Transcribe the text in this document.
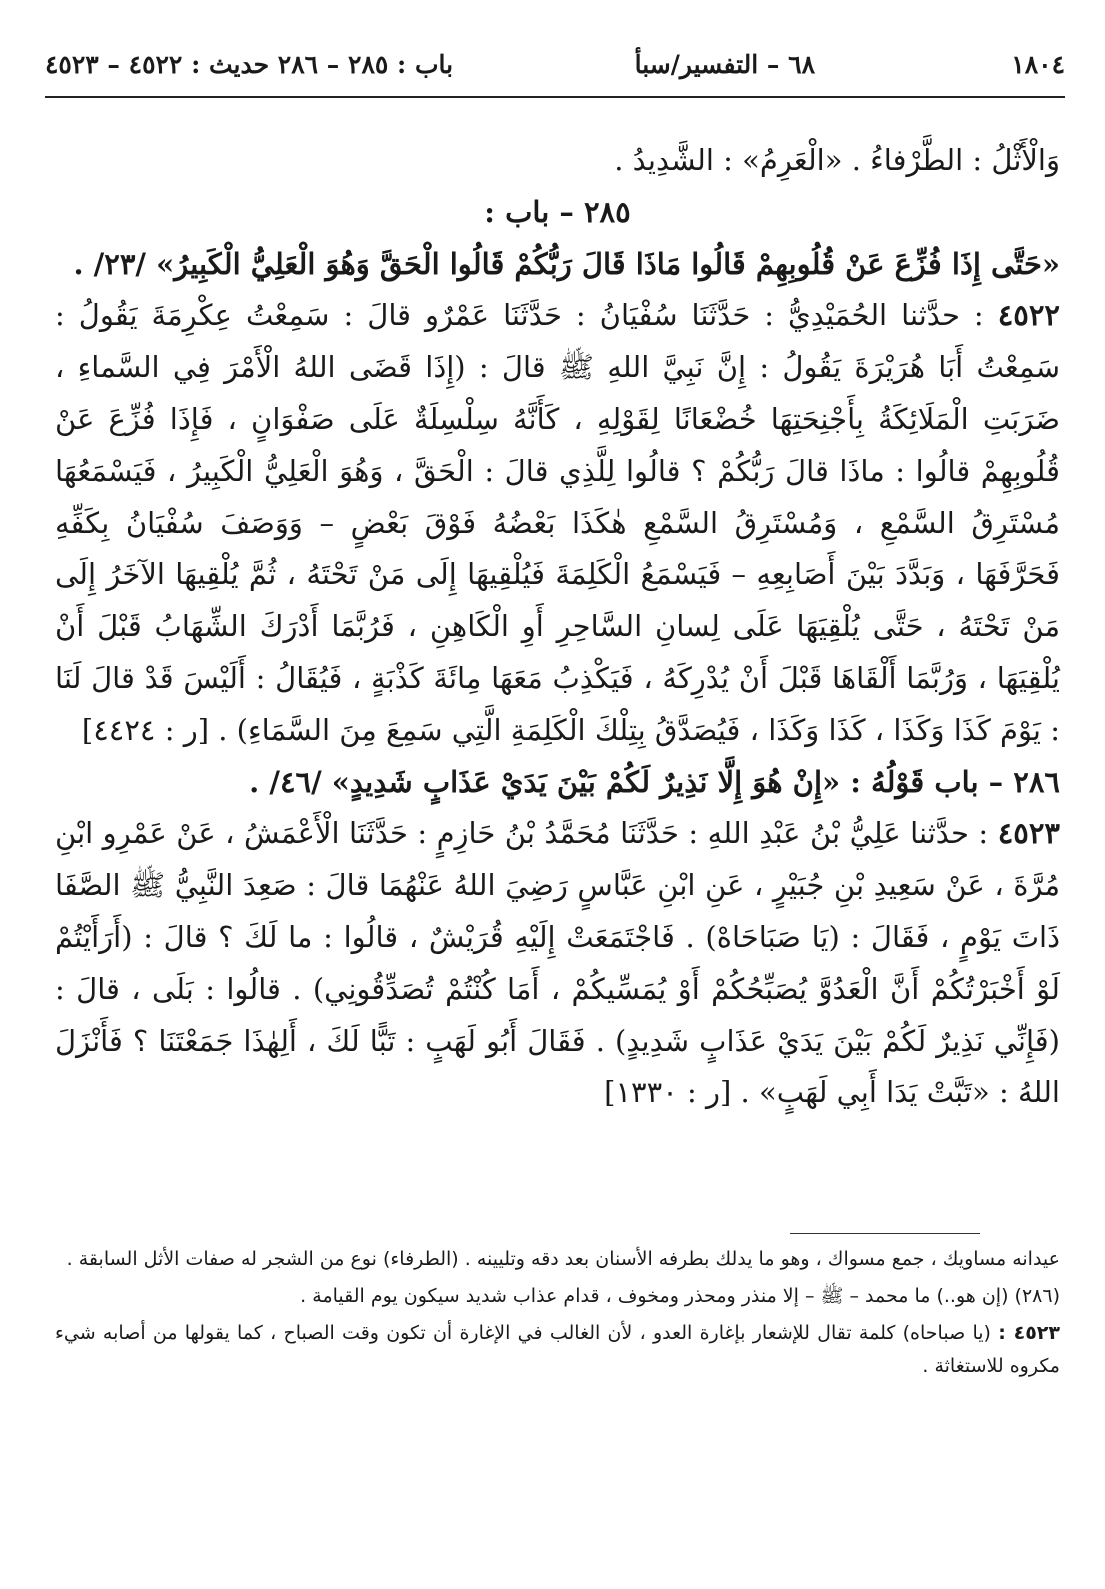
١٨٠٤
٦٨ – التفسير/سبأ
باب : ٢٨٥ – ٢٨٦ حديث : ٤٥٢٢ – ٤٥٢٣

وَالْأَثْلُ : الطَّرْفاءُ . «الْعَرِمُ» : الشَّدِيدُ .

٢٨٥ – باب :

«حَتَّى إِذَا فُزِّعَ عَنْ قُلُوبِهِمْ قَالُوا مَاذَا قَالَ رَبُّكُمْ قَالُوا الْحَقَّ وَهُوَ الْعَلِيُّ الْكَبِيرُ» /٢٣/ .

٤٥٢٢ : حدَّثنا الحُمَيْدِيُّ : حَدَّثَنَا سُفْيَانُ : حَدَّثَنَا عَمْرٌو قالَ : سَمِعْتُ عِكْرِمَةَ يَقُولُ : سَمِعْتُ أَبَا هُرَيْرَةَ يَقُولُ : إِنَّ نَبِيَّ اللهِ ﷺ قالَ : (إِذَا قَضَى اللهُ الْأَمْرَ فِي السَّماءِ ، ضَرَبَتِ الْمَلَائِكَةُ بِأَجْنِحَتِهَا خُضْعَانًا لِقَوْلِهِ ، كَأَنَّهُ سِلْسِلَةٌ عَلَى صَفْوَانٍ ، فَإِذَا فُزِّعَ عَنْ قُلُوبِهِمْ قالُوا : ماذَا قالَ رَبُّكُمْ ؟ قالُوا لِلَّذِي قالَ : الْحَقَّ ، وَهُوَ الْعَلِيُّ الْكَبِيرُ ، فَيَسْمَعُهَا مُسْتَرِقُ السَّمْعِ ، وَمُسْتَرِقُ السَّمْعِ هٰكَذَا بَعْضُهُ فَوْقَ بَعْضٍ – وَوَصَفَ سُفْيَانُ بِكَفِّهِ فَحَرَّفَهَا ، وَبَدَّدَ بَيْنَ أَصَابِعِهِ – فَيَسْمَعُ الْكَلِمَةَ فَيُلْقِيهَا إِلَى مَنْ تَحْتَهُ ، ثُمَّ يُلْقِيهَا الآخَرُ إِلَى مَنْ تَحْتَهُ ، حَتَّى يُلْقِيَهَا عَلَى لِسانِ السَّاحِرِ أَوِ الْكَاهِنِ ، فَرُبَّمَا أَدْرَكَ الشِّهَابُ قَبْلَ أَنْ يُلْقِيَهَا ، وَرُبَّمَا أَلْقَاهَا قَبْلَ أَنْ يُدْرِكَهُ ، فَيَكْذِبُ مَعَهَا مِائَةَ كَذْبَةٍ ، فَيُقَالُ : أَلَيْسَ قَدْ قالَ لَنَا : يَوْمَ كَذَا وَكَذَا ، كَذَا وَكَذَا ، فَيُصَدَّقُ بِتِلْكَ الْكَلِمَةِ الَّتِي سَمِعَ مِنَ السَّمَاءِ) . [ر : ٤٤٢٤]

٢٨٦ – باب قَوْلُهُ : «إِنْ هُوَ إِلَّا نَذِيرٌ لَكُمْ بَيْنَ يَدَيْ عَذَابٍ شَدِيدٍ» /٤٦/ .

٤٥٢٣ : حدَّثنا عَلِيُّ بْنُ عَبْدِ اللهِ : حَدَّثَنَا مُحَمَّدُ بْنُ حَازِمٍ : حَدَّثَنَا الْأَعْمَشُ ، عَنْ عَمْرِو ابْنِ مُرَّةَ ، عَنْ سَعِيدِ بْنِ جُبَيْرٍ ، عَنِ ابْنِ عَبَّاسٍ رَضِيَ اللهُ عَنْهُمَا قالَ : صَعِدَ النَّبِيُّ ﷺ الصَّفَا ذَاتَ يَوْمٍ ، فَقَالَ : (يَا صَبَاحَاهْ) . فَاجْتَمَعَتْ إِلَيْهِ قُرَيْشٌ ، قالُوا : ما لَكَ ؟ قالَ : (أَرَأَيْتُمْ لَوْ أَخْبَرْتُكُمْ أَنَّ الْعَدُوَّ يُصَبِّحُكُمْ أَوْ يُمَسِّيكُمْ ، أَمَا كُنْتُمْ تُصَدِّقُونِي) . قالُوا : بَلَى ، قالَ : (فَإِنِّي نَذِيرٌ لَكُمْ بَيْنَ يَدَيْ عَذَابٍ شَدِيدٍ) . فَقَالَ أَبُو لَهَبٍ : تَبًّا لَكَ ، أَلِهٰذَا جَمَعْتَنَا ؟ فَأَنْزَلَ اللهُ : «تَبَّتْ يَدَا أَبِي لَهَبٍ» . [ر : ١٣٣٠]

عيدانه مساويك ، جمع مسواك ، وهو ما يدلك بطرفه الأسنان بعد دقه وتليينه . (الطرفاء) نوع من الشجر له صفات الأثل السابقة .

(٢٨٦) (إن هو..) ما محمد – ﷺ – إلا منذر ومحذر ومخوف ، قدام عذاب شديد سيكون يوم القيامة .

٤٥٢٣ : (يا صباحاه) كلمة تقال للإشعار بإغارة العدو ، لأن الغالب في الإغارة أن تكون وقت الصباح ، كما يقولها من أصابه شيء مكروه للاستغاثة .
